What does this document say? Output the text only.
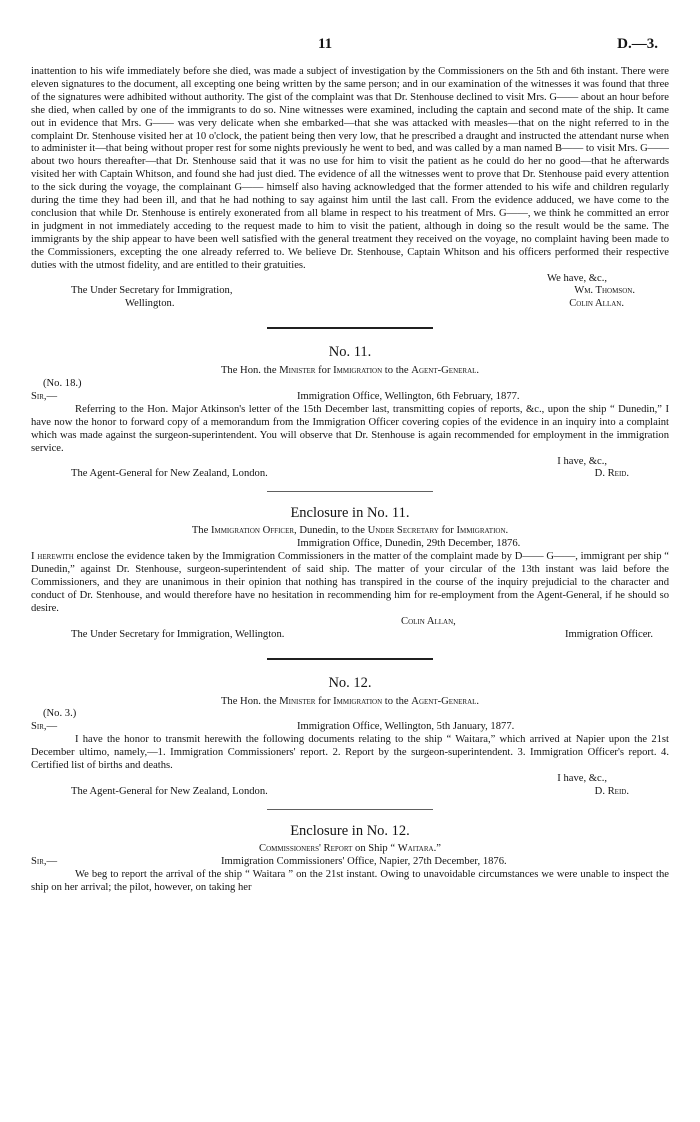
11	D.—3.

inattention to his wife immediately before she died, was made a subject of investigation by the Commissioners on the 5th and 6th instant. There were eleven signatures to the document, all excepting one being written by the same person; and in our examination of the witnesses it was found that three of the signatures were adhibited without authority. The gist of the complaint was that Dr. Stenhouse declined to visit Mrs. G—— about an hour before she died, when called by one of the immigrants to do so. Nine witnesses were examined, including the captain and second mate of the ship. It came out in evidence that Mrs. G—— was very delicate when she embarked—that she was attacked with measles—that on the night referred to in the complaint Dr. Stenhouse visited her at 10 o'clock, the patient being then very low, that he prescribed a draught and instructed the attendant nurse when to administer it—that being without proper rest for some nights previously he went to bed, and was called by a man named B—— to visit Mrs. G—— about two hours thereafter—that Dr. Stenhouse said that it was no use for him to visit the patient as he could do her no good—that he afterwards visited her with Captain Whitson, and found she had just died. The evidence of all the witnesses went to prove that Dr. Stenhouse paid every attention to the sick during the voyage, the complainant G—— himself also having acknowledged that the former attended to his wife and children regularly during the time they had been ill, and that he had nothing to say against him until the last call. From the evidence adduced, we have come to the conclusion that while Dr. Stenhouse is entirely exonerated from all blame in respect to his treatment of Mrs. G——, we think he committed an error in judgment in not immediately acceding to the request made to him to visit the patient, although in doing so the result would be the same. The immigrants by the ship appear to have been well satisfied with the general treatment they received on the voyage, no complaint having been made to the Commissioners, excepting the one already referred to. We believe Dr. Stenhouse, Captain Whitson and his officers performed their respective duties with the utmost fidelity, and are entitled to their gratuities.

We have, &c.,

The Under Secretary for Immigration,	Wm. Thomson.
Wellington.	Colin Allan.
No. 11.

The Hon. the Minister for Immigration to the Agent-General.

(No. 18.)

Sir,—	Immigration Office, Wellington, 6th February, 1877.

Referring to the Hon. Major Atkinson's letter of the 15th December last, transmitting copies of reports, &c., upon the ship “ Dunedin,” I have now the honor to forward copy of a memorandum from the Immigration Officer covering copies of the evidence in an inquiry into a complaint which was made against the surgeon-superintendent. You will observe that Dr. Stenhouse is again recommended for employment in the immigration service.

I have, &c.,

The Agent-General for New Zealand, London.	D. Reid.
Enclosure in No. 11.

The Immigration Officer, Dunedin, to the Under Secretary for Immigration.

Immigration Office, Dunedin, 29th December, 1876.

I herewith enclose the evidence taken by the Immigration Commissioners in the matter of the complaint made by D—— G——, immigrant per ship “ Dunedin,” against Dr. Stenhouse, surgeon-superintendent of said ship. The matter of your circular of the 13th instant was laid before the Commissioners, and they are unanimous in their opinion that nothing has transpired in the course of the inquiry prejudicial to the character and conduct of Dr. Stenhouse, and would therefore have no hesitation in recommending him for re-employment from the Agent-General, if he should so desire.

Colin Allan,

The Under Secretary for Immigration, Wellington.	Immigration Officer.
No. 12.

The Hon. the Minister for Immigration to the Agent-General.

(No. 3.)

Sir,—	Immigration Office, Wellington, 5th January, 1877.

I have the honor to transmit herewith the following documents relating to the ship “ Waitara,” which arrived at Napier upon the 21st December ultimo, namely,—1. Immigration Commissioners' report. 2. Report by the surgeon-superintendent. 3. Immigration Officer's report. 4. Certified list of births and deaths.

I have, &c.,

The Agent-General for New Zealand, London.	D. Reid.
Enclosure in No. 12.

Commissioners' Report on Ship “ Waitara.”

Sir,—	Immigration Commissioners' Office, Napier, 27th December, 1876.

We beg to report the arrival of the ship “ Waitara ” on the 21st instant. Owing to unavoidable circumstances we were unable to inspect the ship on her arrival; the pilot, however, on taking her
